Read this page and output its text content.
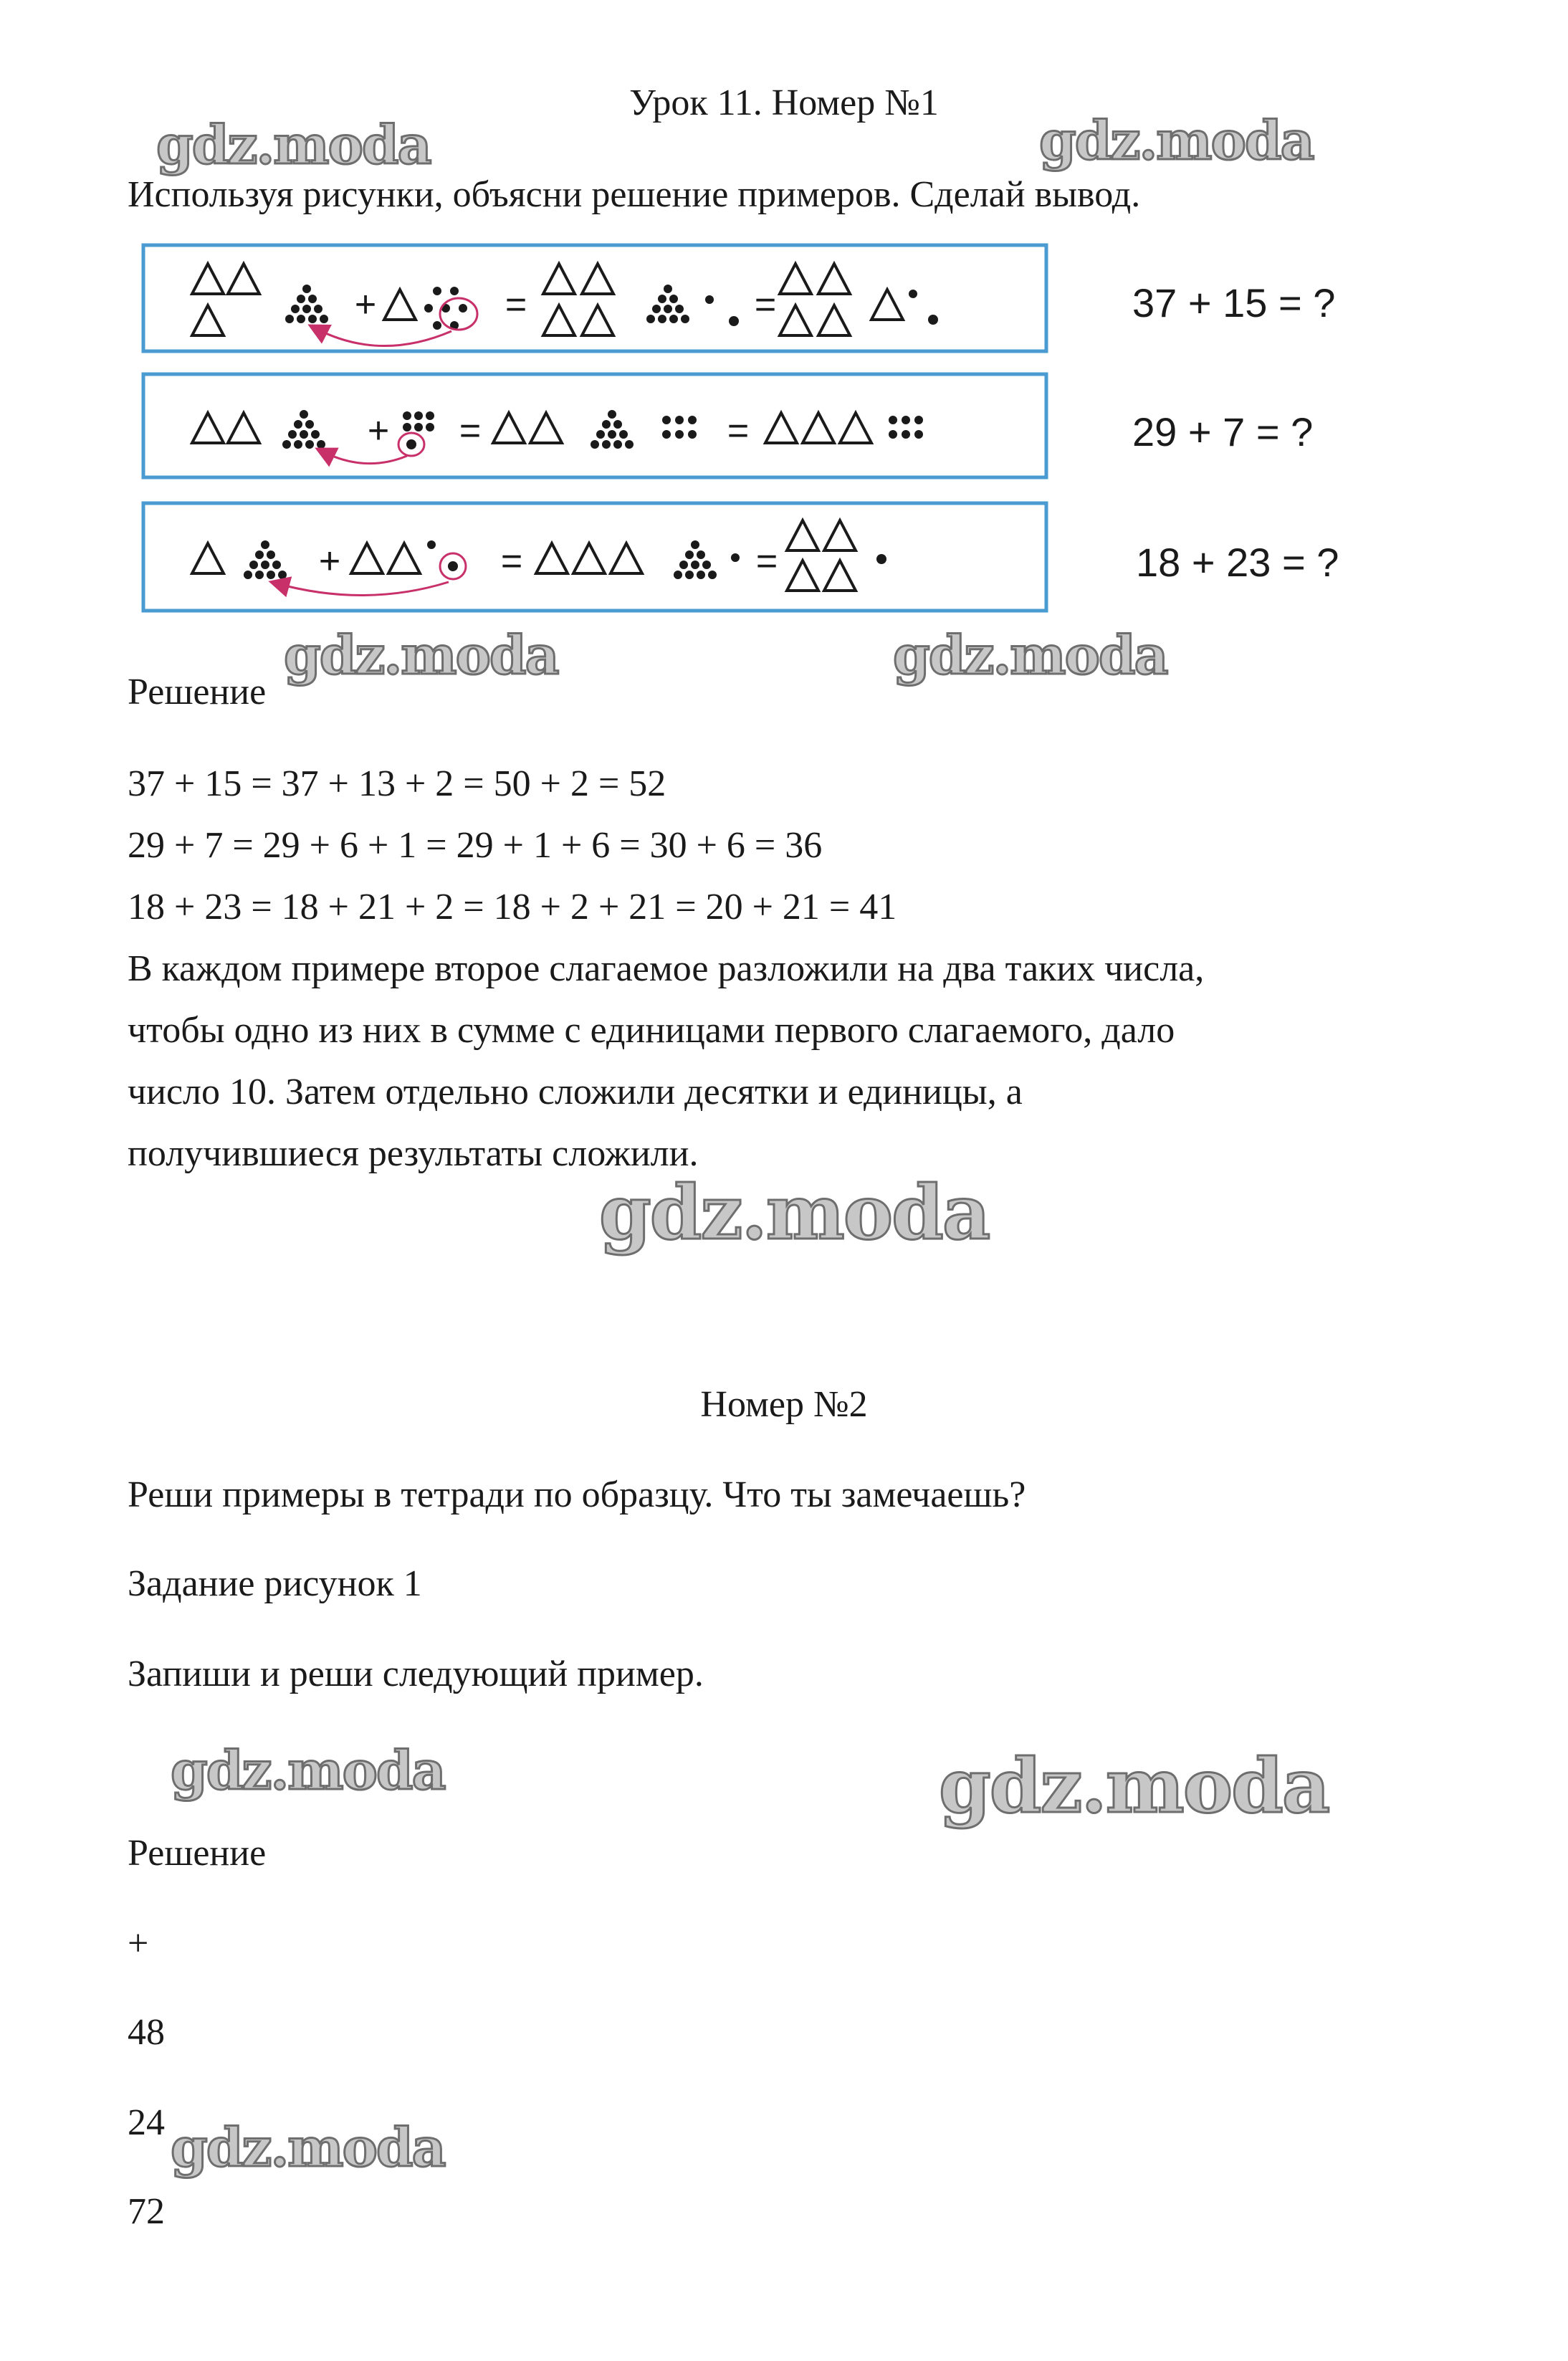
Урок 11. Номер №1
Используя рисунки, объясни решение примеров. Сделай вывод.
+	=	=	37 + 15 = ?
+ =	=	29 + 7 = ?
+	=	=	18 + 23 = ?
Решение
37 + 15 = 37 + 13 + 2 = 50 + 2 = 52
29 + 7 = 29 + 6 + 1 = 29 + 1 + 6 = 30 + 6 = 36
18 + 23 = 18 + 21 + 2 = 18 + 2 + 21 = 20 + 21 = 41
В каждом примере второе слагаемое разложили на два таких числа,
чтобы одно из них в сумме с единицами первого слагаемого, дало
число 10. Затем отдельно сложили десятки и единицы, а
получившиеся результаты сложили.
Номер №2
Реши примеры в тетради по образцу. Что ты замечаешь?
Задание рисунок 1
Запиши и реши следующий пример.
Решение
+
48
24
72
gdz.moda	gdz.moda
gdz.moda	gdz.moda
gdz.moda
gdz.moda	gdz.moda
gdz.moda
